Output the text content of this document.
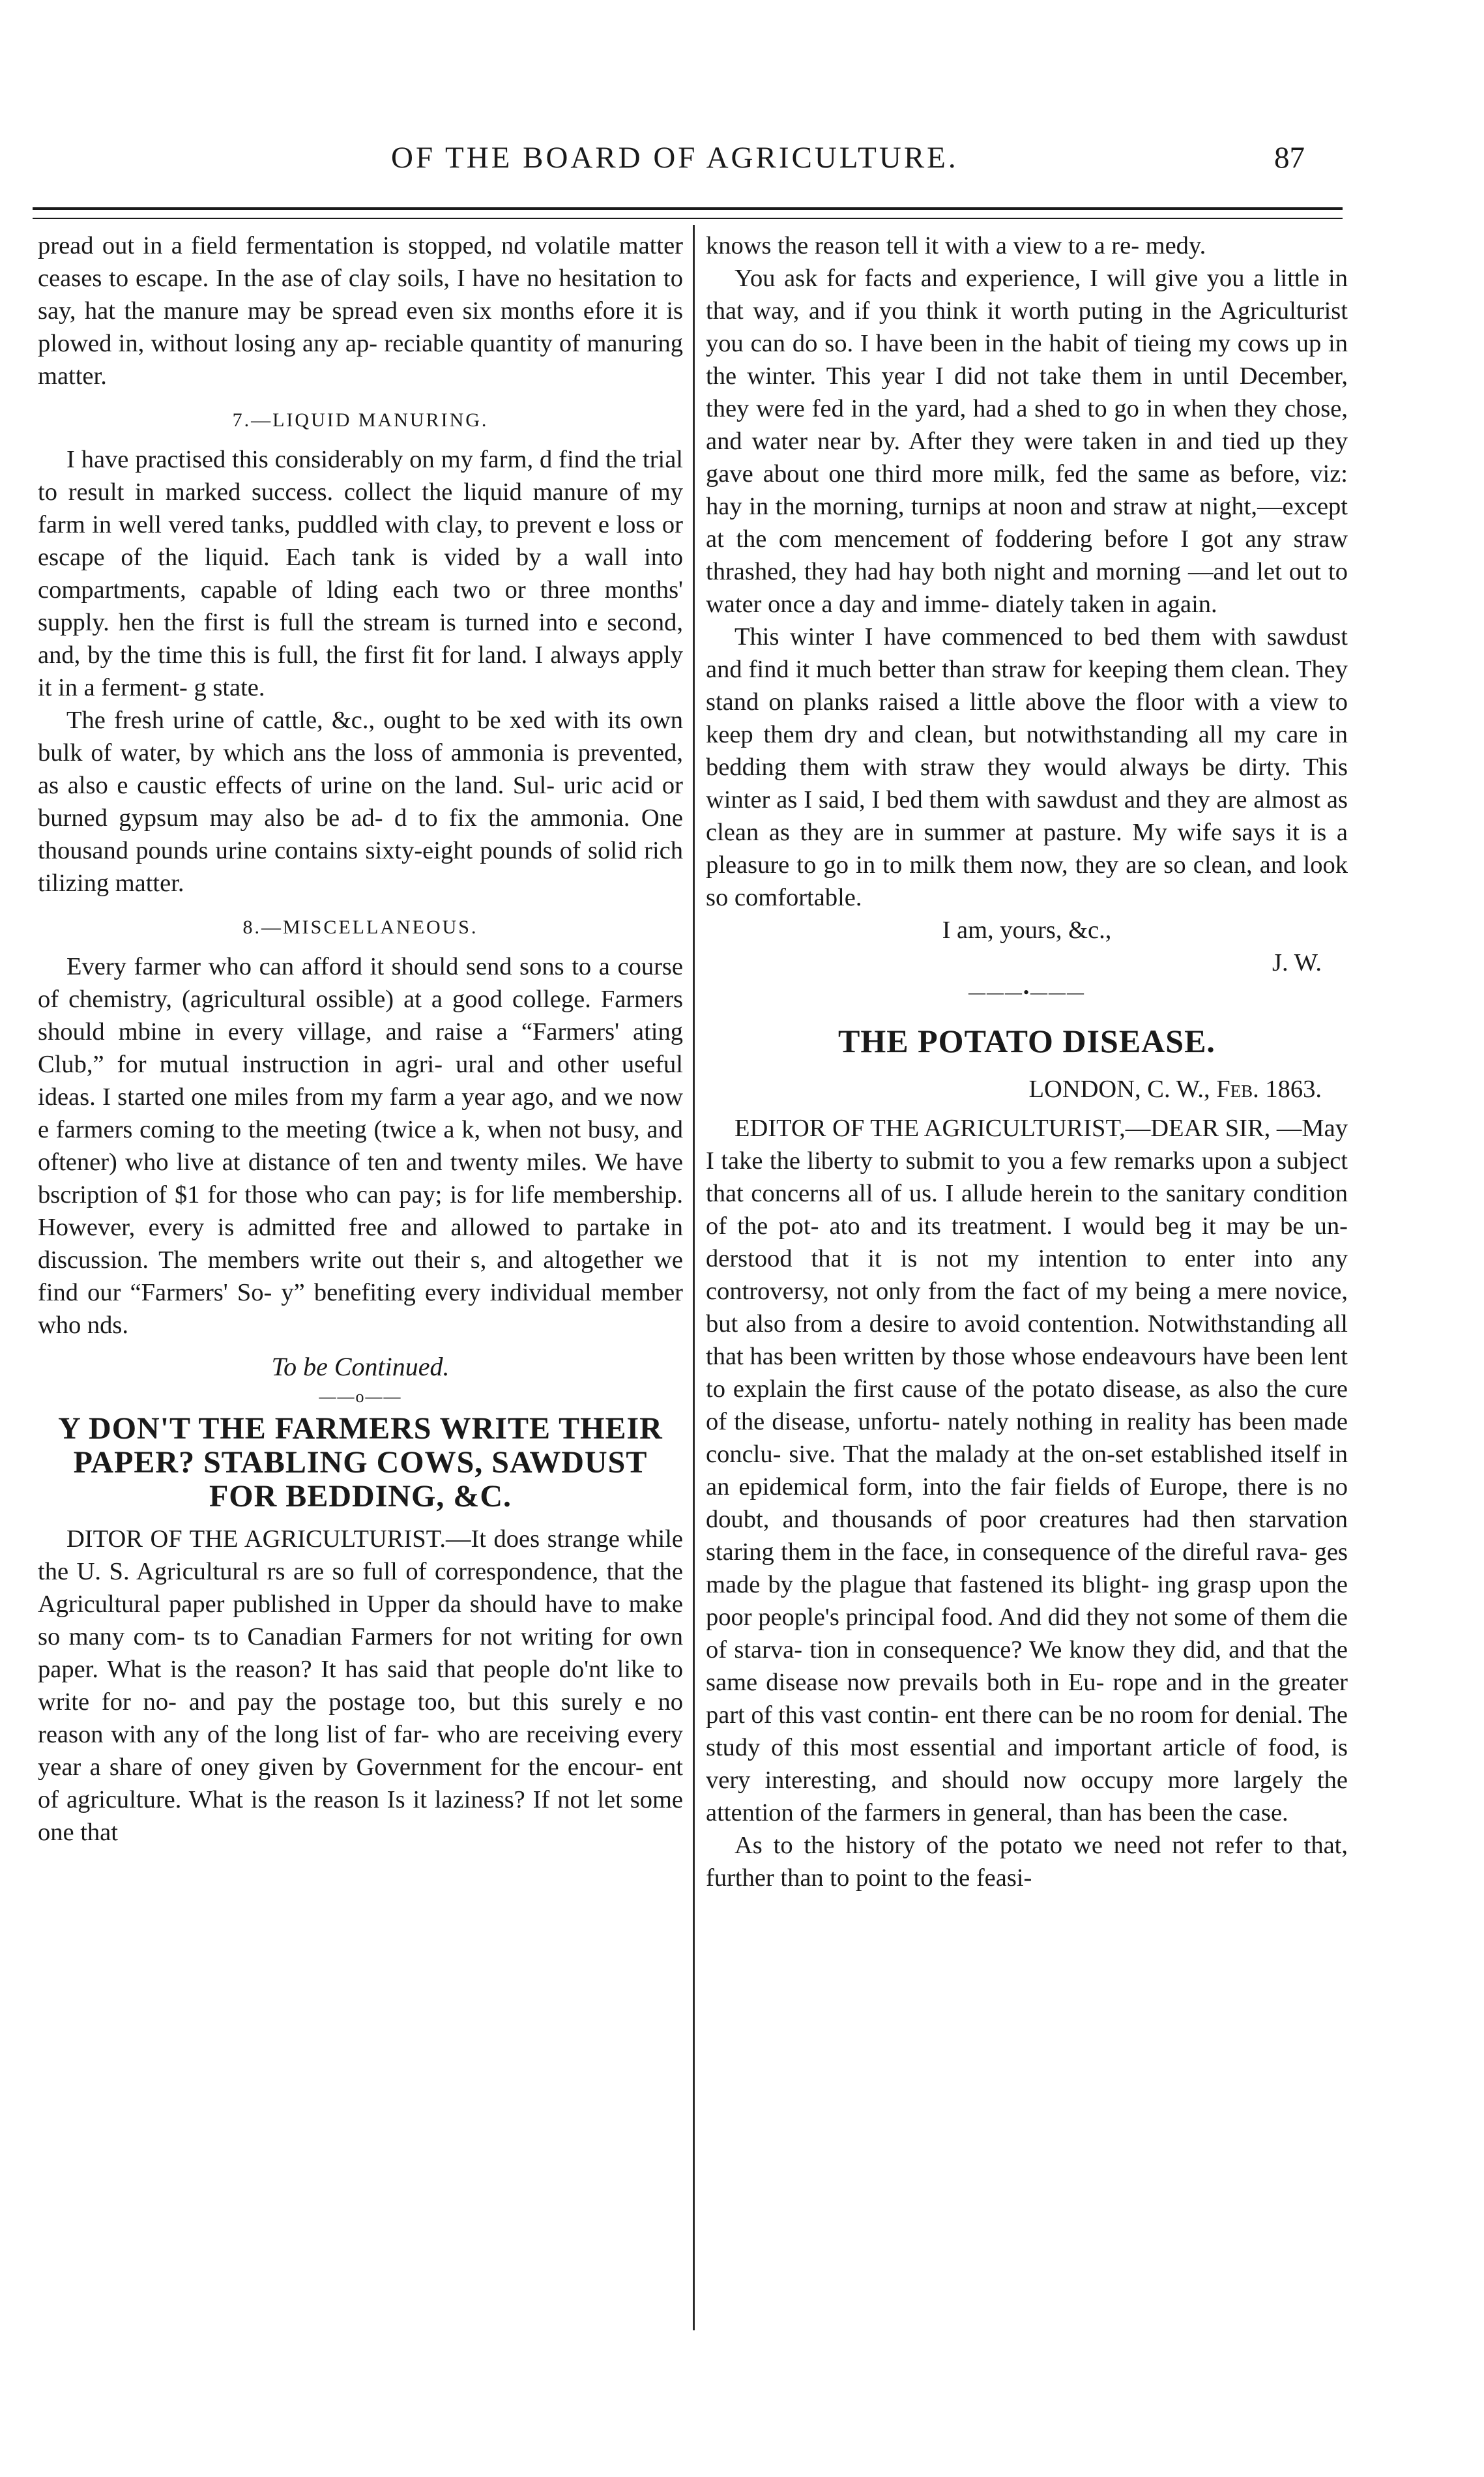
OF THE BOARD OF AGRICULTURE.	87

pread out in a field fermentation is stopped, nd volatile matter ceases to escape. In the ase of clay soils, I have no hesitation to say, hat the manure may be spread even six months efore it is plowed in, without losing any ap- reciable quantity of manuring matter.

7.—LIQUID MANURING.

I have practised this considerably on my farm, d find the trial to result in marked success. collect the liquid manure of my farm in well vered tanks, puddled with clay, to prevent e loss or escape of the liquid. Each tank is vided by a wall into compartments, capable of lding each two or three months' supply. hen the first is full the stream is turned into e second, and, by the time this is full, the first fit for land. I always apply it in a ferment- g state.

The fresh urine of cattle, &c., ought to be xed with its own bulk of water, by which ans the loss of ammonia is prevented, as also e caustic effects of urine on the land. Sul- uric acid or burned gypsum may also be ad- d to fix the ammonia. One thousand pounds urine contains sixty-eight pounds of solid rich tilizing matter.

8.—MISCELLANEOUS.

Every farmer who can afford it should send sons to a course of chemistry, (agricultural ossible) at a good college. Farmers should mbine in every village, and raise a “Farmers' ating Club,” for mutual instruction in agri- ural and other useful ideas. I started one miles from my farm a year ago, and we now e farmers coming to the meeting (twice a k, when not busy, and oftener) who live at distance of ten and twenty miles. We have bscription of $1 for those who can pay; is for life membership. However, every is admitted free and allowed to partake in discussion. The members write out their s, and altogether we find our “Farmers' So- y” benefiting every individual member who nds.

To be Continued.
——o——
Y DON'T THE FARMERS WRITE THEIR PAPER? STABLING COWS, SAWDUST FOR BEDDING, &C.

DITOR OF THE AGRICULTURIST.—It does strange while the U. S. Agricultural rs are so full of correspondence, that the Agricultural paper published in Upper da should have to make so many com- ts to Canadian Farmers for not writing for own paper. What is the reason? It has said that people do'nt like to write for no- and pay the postage too, but this surely e no reason with any of the long list of far- who are receiving every year a share of oney given by Government for the encour- ent of agriculture. What is the reason Is it laziness? If not let some one that

knows the reason tell it with a view to a re- medy.

You ask for facts and experience, I will give you a little in that way, and if you think it worth puting in the Agriculturist you can do so. I have been in the habit of tieing my cows up in the winter. This year I did not take them in until December, they were fed in the yard, had a shed to go in when they chose, and water near by. After they were taken in and tied up they gave about one third more milk, fed the same as before, viz: hay in the morning, turnips at noon and straw at night,—except at the com mencement of foddering before I got any straw thrashed, they had hay both night and morning —and let out to water once a day and imme- diately taken in again.

This winter I have commenced to bed them with sawdust and find it much better than straw for keeping them clean. They stand on planks raised a little above the floor with a view to keep them dry and clean, but notwithstanding all my care in bedding them with straw they would always be dirty. This winter as I said, I bed them with sawdust and they are almost as clean as they are in summer at pasture. My wife says it is a pleasure to go in to milk them now, they are so clean, and look so comfortable.

I am, yours, &c.,

J. W.

———•———
THE POTATO DISEASE.

LONDON, C. W., Feb. 1863.

EDITOR OF THE AGRICULTURIST,—DEAR SIR, —May I take the liberty to submit to you a few remarks upon a subject that concerns all of us. I allude herein to the sanitary condition of the pot- ato and its treatment. I would beg it may be un- derstood that it is not my intention to enter into any controversy, not only from the fact of my being a mere novice, but also from a desire to avoid contention. Notwithstanding all that has been written by those whose endeavours have been lent to explain the first cause of the potato disease, as also the cure of the disease, unfortu- nately nothing in reality has been made conclu- sive. That the malady at the on-set established itself in an epidemical form, into the fair fields of Europe, there is no doubt, and thousands of poor creatures had then starvation staring them in the face, in consequence of the direful rava- ges made by the plague that fastened its blight- ing grasp upon the poor people's principal food. And did they not some of them die of starva- tion in consequence? We know they did, and that the same disease now prevails both in Eu- rope and in the greater part of this vast contin- ent there can be no room for denial. The study of this most essential and important article of food, is very interesting, and should now occupy more largely the attention of the farmers in general, than has been the case.

As to the history of the potato we need not refer to that, further than to point to the feasi-
